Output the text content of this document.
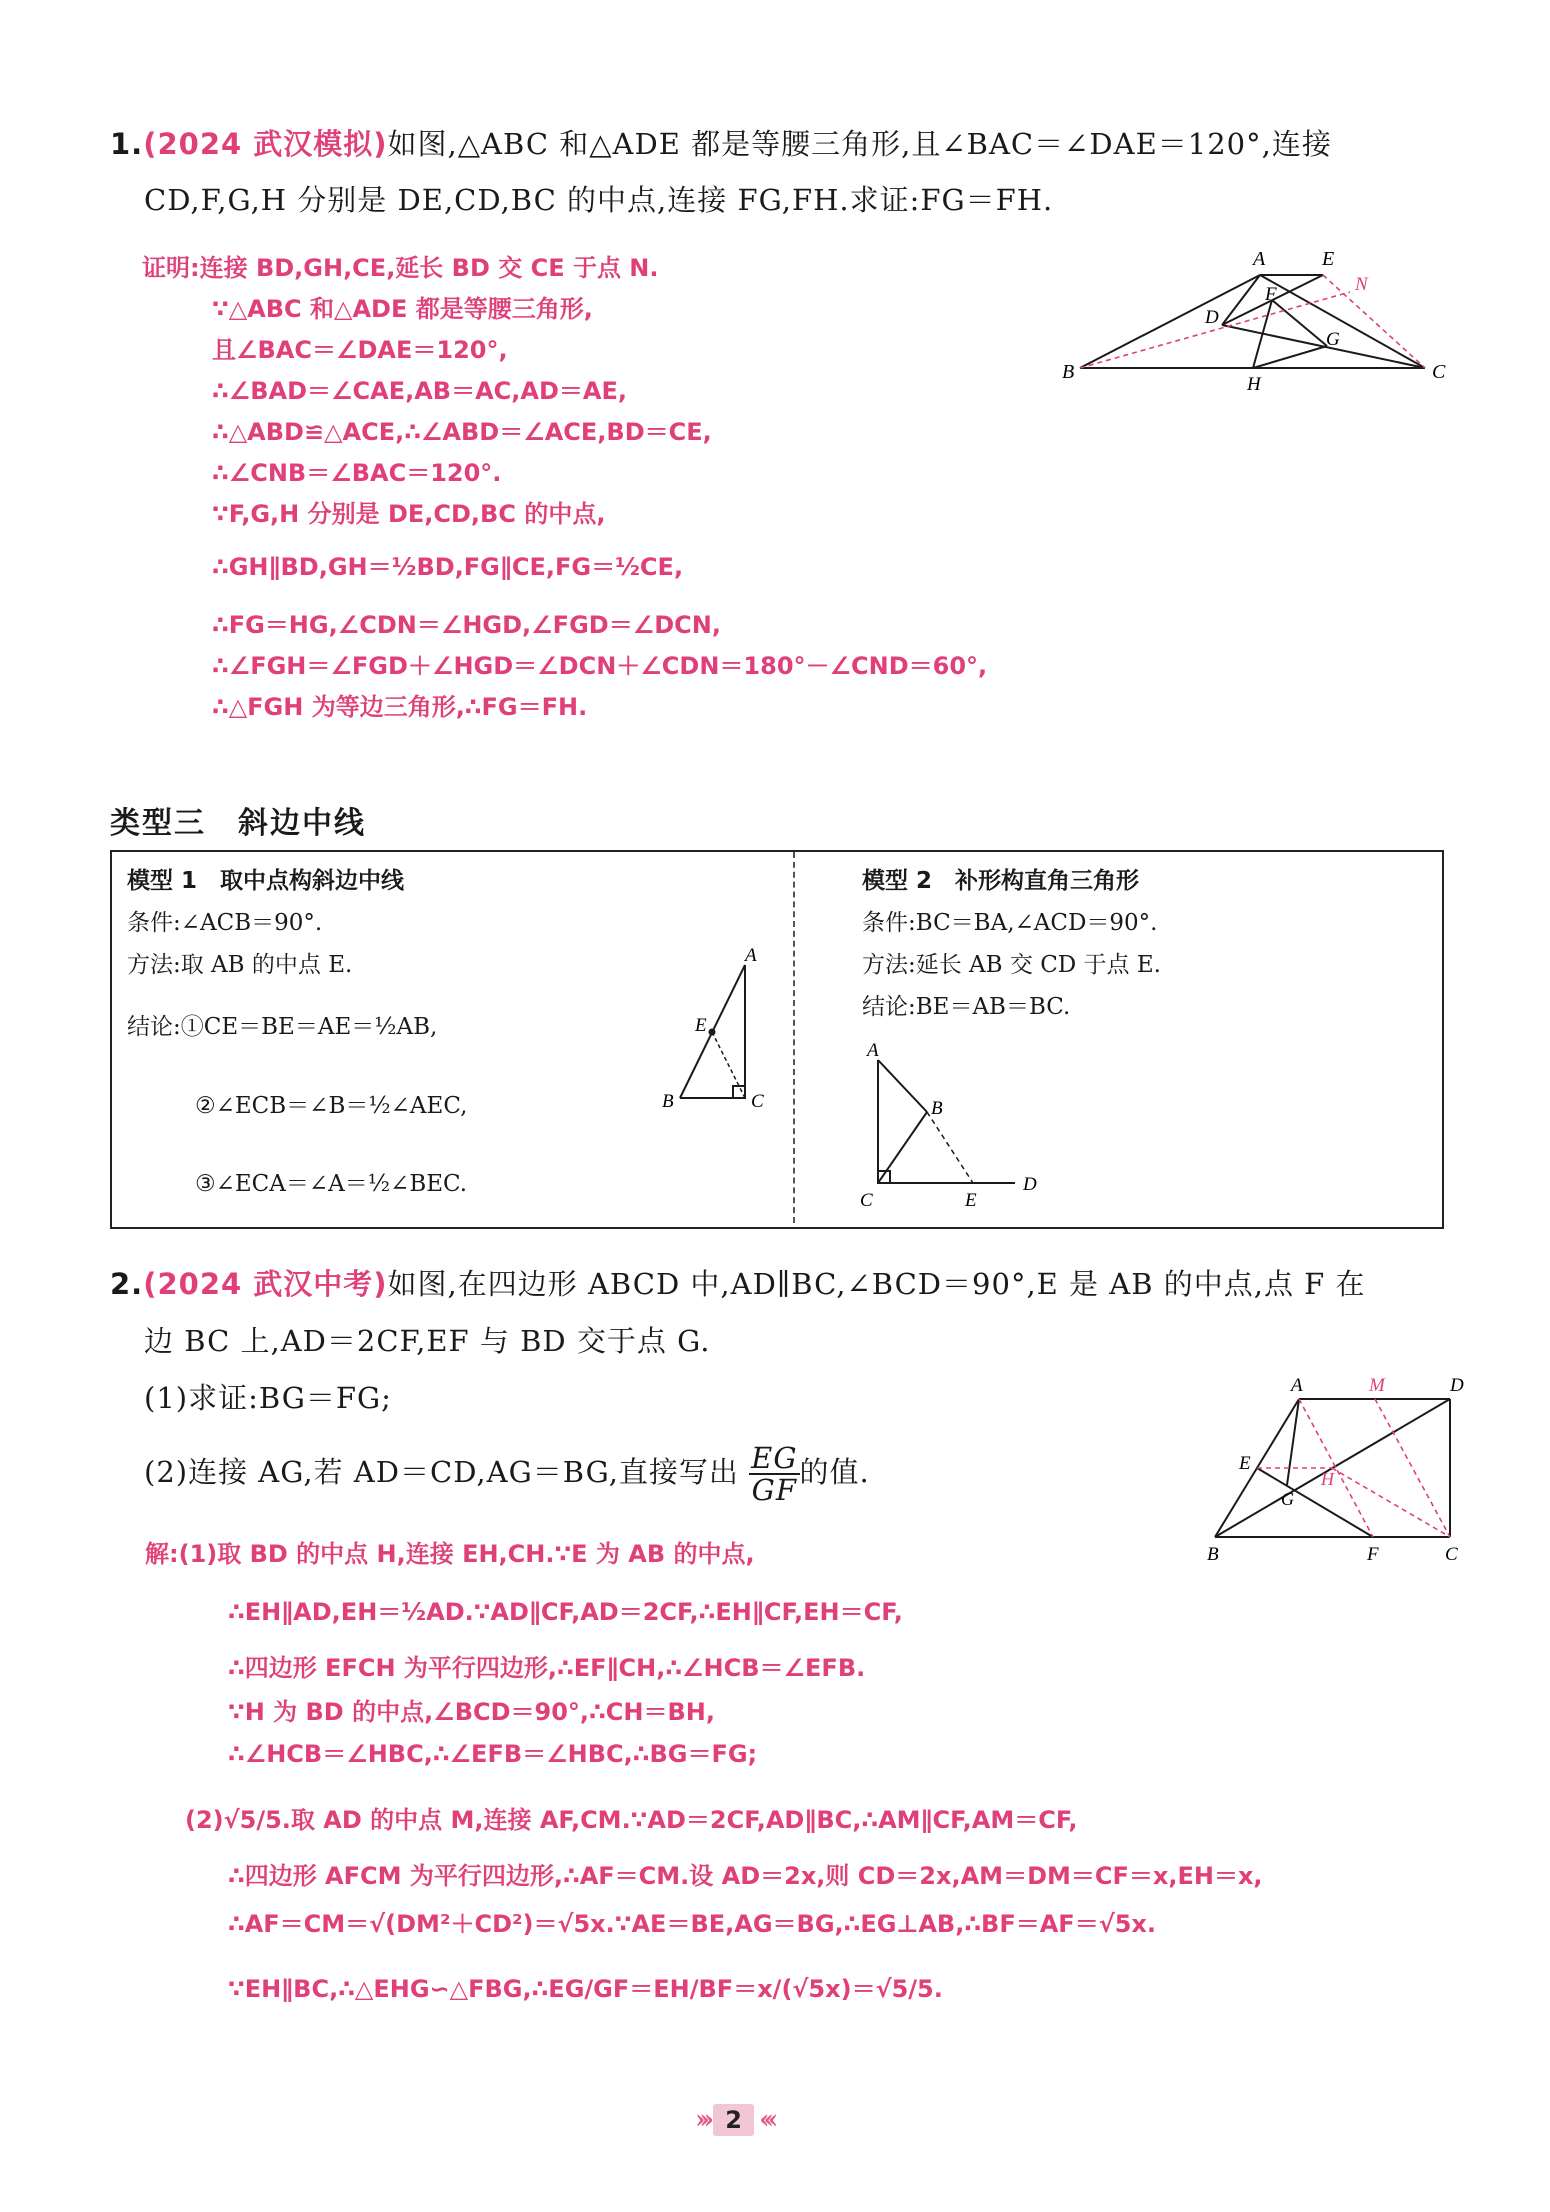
1.(2024 武汉模拟)如图,△ABC 和△ADE 都是等腰三角形,且∠BAC＝∠DAE＝120°,连接
CD,F,G,H 分别是 DE,CD,BC 的中点,连接 FG,FH.求证:FG＝FH.
证明:连接 BD,GH,CE,延长 BD 交 CE 于点 N.
∵△ABC 和△ADE 都是等腰三角形,
且∠BAC＝∠DAE＝120°,
∴∠BAD＝∠CAE,AB＝AC,AD＝AE,
∴△ABD≌△ACE,∴∠ABD＝∠ACE,BD＝CE,
∴∠CNB＝∠BAC＝120°.
∵F,G,H 分别是 DE,CD,BC 的中点,
∴GH∥BD,GH＝½BD,FG∥CE,FG＝½CE,
∴FG＝HG,∠CDN＝∠HGD,∠FGD＝∠DCN,
∴∠FGH＝∠FGD＋∠HGD＝∠DCN＋∠CDN＝180°－∠CND＝60°,
∴△FGH 为等边三角形,∴FG＝FH.
A	E
N
F
D
G
B
H
C
类型三　斜边中线
模型 1　取中点构斜边中线
条件:∠ACB＝90°.
方法:取 AB 的中点 E.
结论:①CE＝BE＝AE＝½AB,
②∠ECB＝∠B＝½∠AEC,
③∠ECA＝∠A＝½∠BEC.
A
E
B	C
模型 2　补形构直角三角形
条件:BC＝BA,∠ACD＝90°.
方法:延长 AB 交 CD 于点 E.
结论:BE＝AB＝BC.
A
B
D
C	E
2.(2024 武汉中考)如图,在四边形 ABCD 中,AD∥BC,∠BCD＝90°,E 是 AB 的中点,点 F 在
边 BC 上,AD＝2CF,EF 与 BD 交于点 G.
(1)求证:BG＝FG;
(2)连接 AG,若 AD＝CD,AG＝BG,直接写出 $\frac{EG}{GF}$ 的值.
A	M	D
E
H
G
B	F	C
解:(1)取 BD 的中点 H,连接 EH,CH.∵E 为 AB 的中点,
∴EH∥AD,EH＝½AD.∵AD∥CF,AD＝2CF,∴EH∥CF,EH＝CF,
∴四边形 EFCH 为平行四边形,∴EF∥CH,∴∠HCB＝∠EFB.
∵H 为 BD 的中点,∠BCD＝90°,∴CH＝BH,
∴∠HCB＝∠HBC,∴∠EFB＝∠HBC,∴BG＝FG;
(2)√5/5.取 AD 的中点 M,连接 AF,CM.∵AD＝2CF,AD∥BC,∴AM∥CF,AM＝CF,
∴四边形 AFCM 为平行四边形,∴AF＝CM.设 AD＝2x,则 CD＝2x,AM＝DM＝CF＝x,EH＝x,
∴AF＝CM＝√(DM²＋CD²)＝√5x.∵AE＝BE,AG＝BG,∴EG⊥AB,∴BF＝AF＝√5x.
∵EH∥BC,∴△EHG∽△FBG,∴EG/GF＝EH/BF＝x/(√5x)＝√5/5.
››› 2 ‹‹‹
